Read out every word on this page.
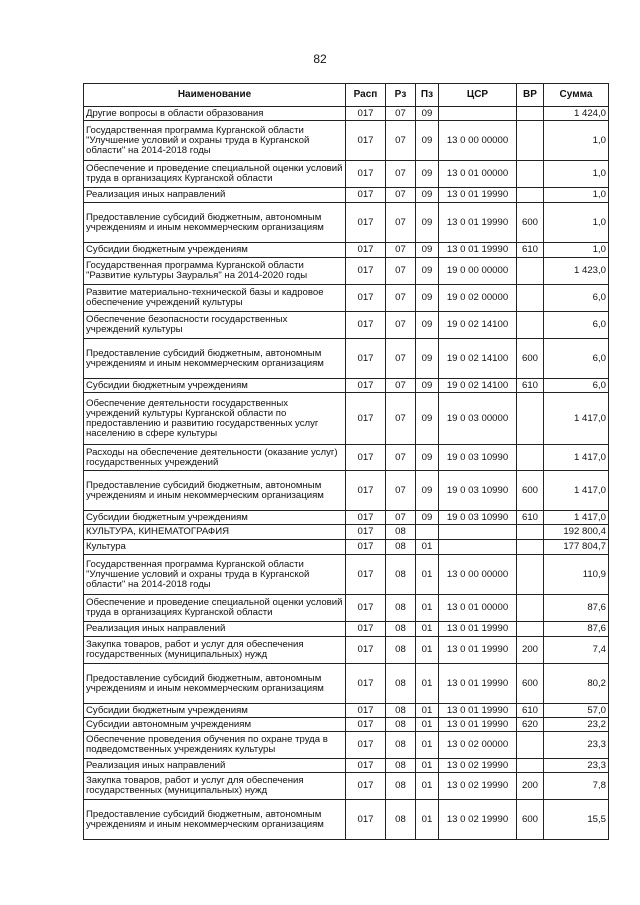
82
Наименование	Расп	Рз	Пз	ЦСР	ВР	Сумма
Другие вопросы в области образования	017	07	09			1 424,0
Государственная программа Курганской области "Улучшение условий и охраны труда в Курганской области" на 2014-2018 годы	017	07	09	13 0 00 00000		1,0
Обеспечение и проведение специальной оценки условий труда в организациях Курганской области	017	07	09	13 0 01 00000		1,0
Реализация иных направлений	017	07	09	13 0 01 19990		1,0
Предоставление субсидий бюджетным, автономным учреждениям и иным некоммерческим организациям	017	07	09	13 0 01 19990	600	1,0
Субсидии бюджетным учреждениям	017	07	09	13 0 01 19990	610	1,0
Государственная программа Курганской области "Развитие культуры Зауралья" на 2014-2020 годы	017	07	09	19 0 00 00000		1 423,0
Развитие материально-технической базы и кадровое обеспечение учреждений культуры	017	07	09	19 0 02 00000		6,0
Обеспечение безопасности государственных учреждений культуры	017	07	09	19 0 02 14100		6,0
Предоставление субсидий бюджетным, автономным учреждениям и иным некоммерческим организациям	017	07	09	19 0 02 14100	600	6,0
Субсидии бюджетным учреждениям	017	07	09	19 0 02 14100	610	6,0
Обеспечение деятельности государственных учреждений культуры Курганской области по предоставлению и развитию государственных услуг населению в сфере культуры	017	07	09	19 0 03 00000		1 417,0
Расходы на обеспечение деятельности (оказание услуг) государственных учреждений	017	07	09	19 0 03 10990		1 417,0
Предоставление субсидий бюджетным, автономным учреждениям и иным некоммерческим организациям	017	07	09	19 0 03 10990	600	1 417,0
Субсидии бюджетным учреждениям	017	07	09	19 0 03 10990	610	1 417,0
КУЛЬТУРА, КИНЕМАТОГРАФИЯ	017	08				192 800,4
Культура	017	08	01			177 804,7
Государственная программа Курганской области "Улучшение условий и охраны труда в Курганской области" на 2014-2018 годы	017	08	01	13 0 00 00000		110,9
Обеспечение и проведение специальной оценки условий труда в организациях Курганской области	017	08	01	13 0 01 00000		87,6
Реализация иных направлений	017	08	01	13 0 01 19990		87,6
Закупка товаров, работ и услуг для обеспечения государственных (муниципальных) нужд	017	08	01	13 0 01 19990	200	7,4
Предоставление субсидий бюджетным, автономным учреждениям и иным некоммерческим организациям	017	08	01	13 0 01 19990	600	80,2
Субсидии бюджетным учреждениям	017	08	01	13 0 01 19990	610	57,0
Субсидии автономным учреждениям	017	08	01	13 0 01 19990	620	23,2
Обеспечение проведения обучения по охране труда в подведомственных учреждениях культуры	017	08	01	13 0 02 00000		23,3
Реализация иных направлений	017	08	01	13 0 02 19990		23,3
Закупка товаров, работ и услуг для обеспечения государственных (муниципальных) нужд	017	08	01	13 0 02 19990	200	7,8
Предоставление субсидий бюджетным, автономным учреждениям и иным некоммерческим организациям	017	08	01	13 0 02 19990	600	15,5
